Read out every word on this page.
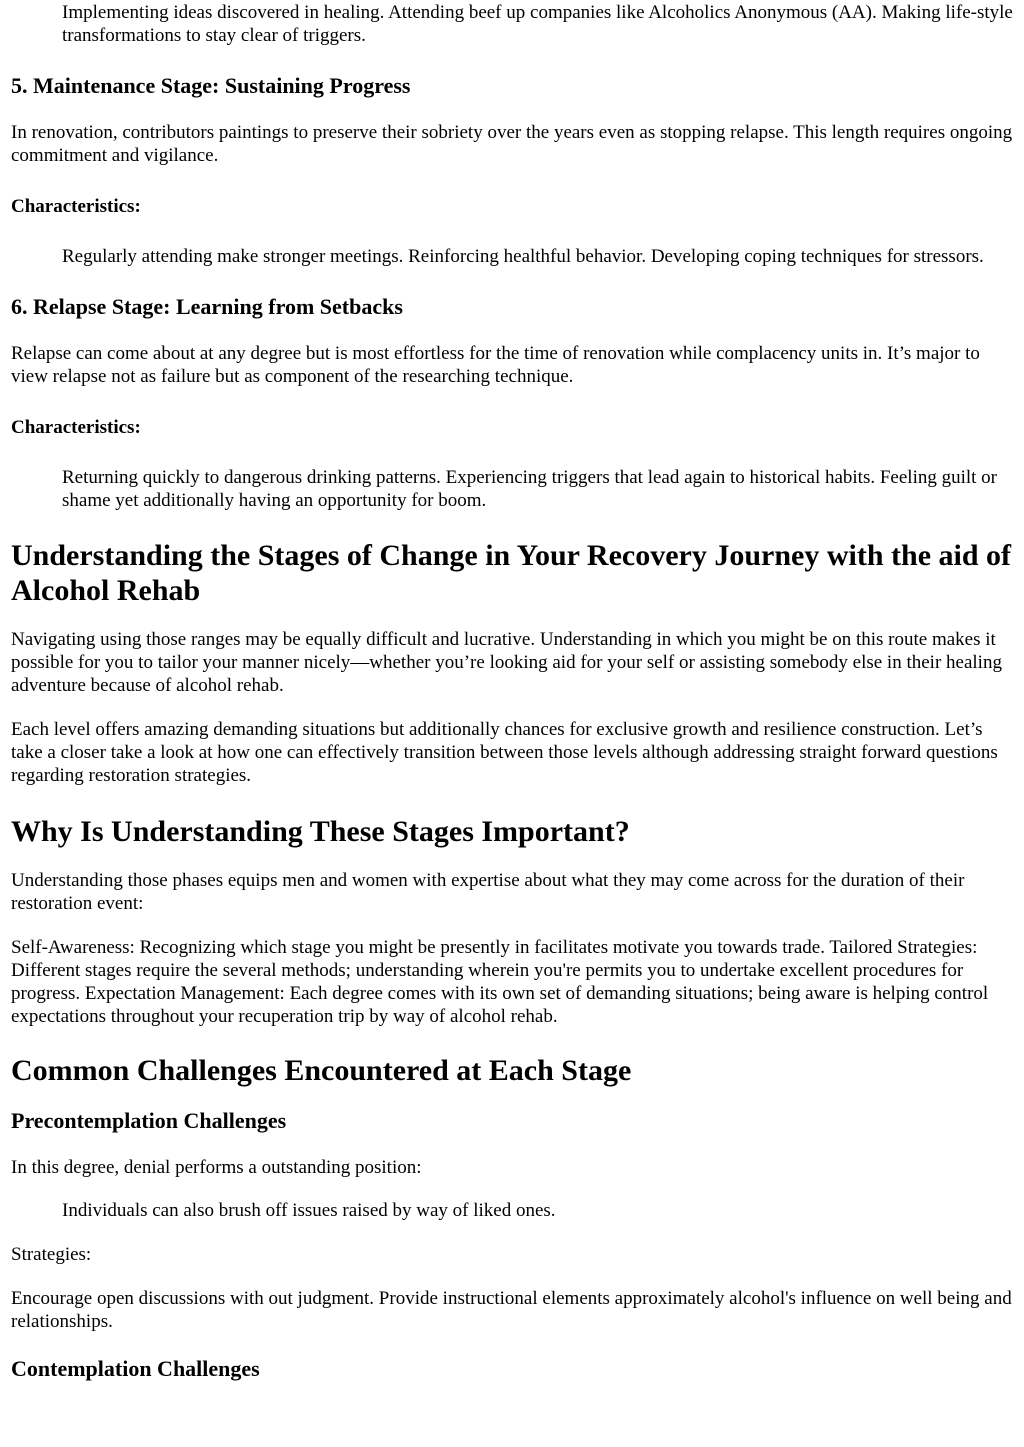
Implementing ideas discovered in healing. Attending beef up companies like Alcoholics Anonymous (AA). Making life-style transformations to stay clear of triggers.

5. Maintenance Stage: Sustaining Progress

In renovation, contributors paintings to preserve their sobriety over the years even as stopping relapse. This length requires ongoing commitment and vigilance.

Characteristics:

Regularly attending make stronger meetings. Reinforcing healthful behavior. Developing coping techniques for stressors.

6. Relapse Stage: Learning from Setbacks

Relapse can come about at any degree but is most effortless for the time of renovation while complacency units in. It’s major to view relapse not as failure but as component of the researching technique.

Characteristics:

Returning quickly to dangerous drinking patterns. Experiencing triggers that lead again to historical habits. Feeling guilt or shame yet additionally having an opportunity for boom.

Understanding the Stages of Change in Your Recovery Journey with the aid of Alcohol Rehab

Navigating using those ranges may be equally difficult and lucrative. Understanding in which you might be on this route makes it possible for you to tailor your manner nicely—whether you’re looking aid for your self or assisting somebody else in their healing adventure because of alcohol rehab.

Each level offers amazing demanding situations but additionally chances for exclusive growth and resilience construction. Let’s take a closer take a look at how one can effectively transition between those levels although addressing straight forward questions regarding restoration strategies.

Why Is Understanding These Stages Important?

Understanding those phases equips men and women with expertise about what they may come across for the duration of their restoration event:

Self-Awareness: Recognizing which stage you might be presently in facilitates motivate you towards trade. Tailored Strategies: Different stages require the several methods; understanding wherein you're permits you to undertake excellent procedures for progress. Expectation Management: Each degree comes with its own set of demanding situations; being aware is helping control expectations throughout your recuperation trip by way of alcohol rehab.

Common Challenges Encountered at Each Stage
Precontemplation Challenges

In this degree, denial performs a outstanding position:

Individuals can also brush off issues raised by way of liked ones.

Strategies:

Encourage open discussions with out judgment. Provide instructional elements approximately alcohol's influence on well being and relationships.

Contemplation Challenges
